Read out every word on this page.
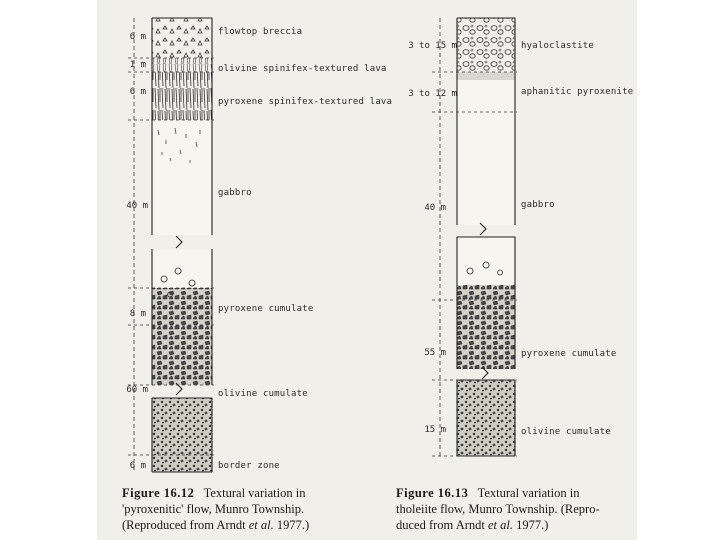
6 m
1 m
6 m
40 m
8 m
60 m
6 m
flowtop breccia
olivine spinifex-textured lava
pyroxene spinifex-textured lava
gabbro
pyroxene cumulate
olivine cumulate
border zone
3 to 15 m
3 to 12 m
40 m
55 m
15 m
hyaloclastite
aphanitic pyroxenite
gabbro
pyroxene cumulate
olivine cumulate
Figure 16.12 Textural variation in
'pyroxenitic' flow, Munro Township.
(Reproduced from Arndt et al. 1977.)
Figure 16.13 Textural variation in
tholeiite flow, Munro Township. (Repro-
duced from Arndt et al. 1977.)
